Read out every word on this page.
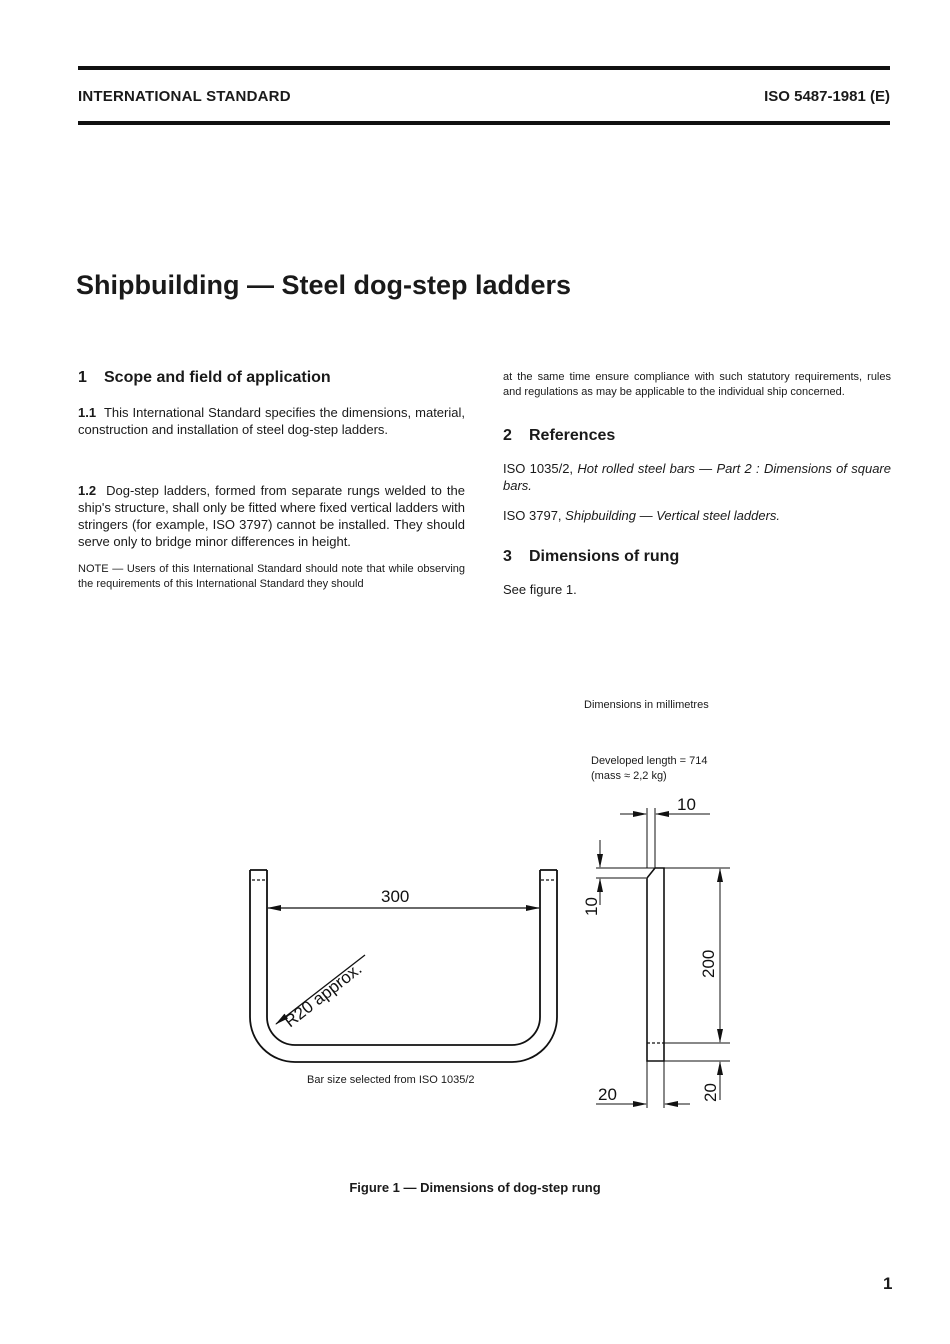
INTERNATIONAL STANDARD	ISO 5487-1981 (E)
Shipbuilding — Steel dog-step ladders
1 Scope and field of application

1.1 This International Standard specifies the dimensions, material, construction and installation of steel dog-step ladders.

1.2 Dog-step ladders, formed from separate rungs welded to the ship's structure, shall only be fitted where fixed vertical ladders with stringers (for example, ISO 3797) cannot be installed. They should serve only to bridge minor differences in height.

NOTE — Users of this International Standard should note that while observing the requirements of this International Standard they should

at the same time ensure compliance with such statutory requirements, rules and regulations as may be applicable to the individual ship concerned.

2 References

ISO 1035/2, Hot rolled steel bars — Part 2 : Dimensions of square bars.

ISO 3797, Shipbuilding — Vertical steel ladders.

3 Dimensions of rung

See figure 1.

Dimensions in millimetres
Developed length = 714
(mass ≈ 2,2 kg)
300
R20 approx.
10
10
200
20	20
Bar size selected from ISO 1035/2
Figure 1 — Dimensions of dog-step rung
1
